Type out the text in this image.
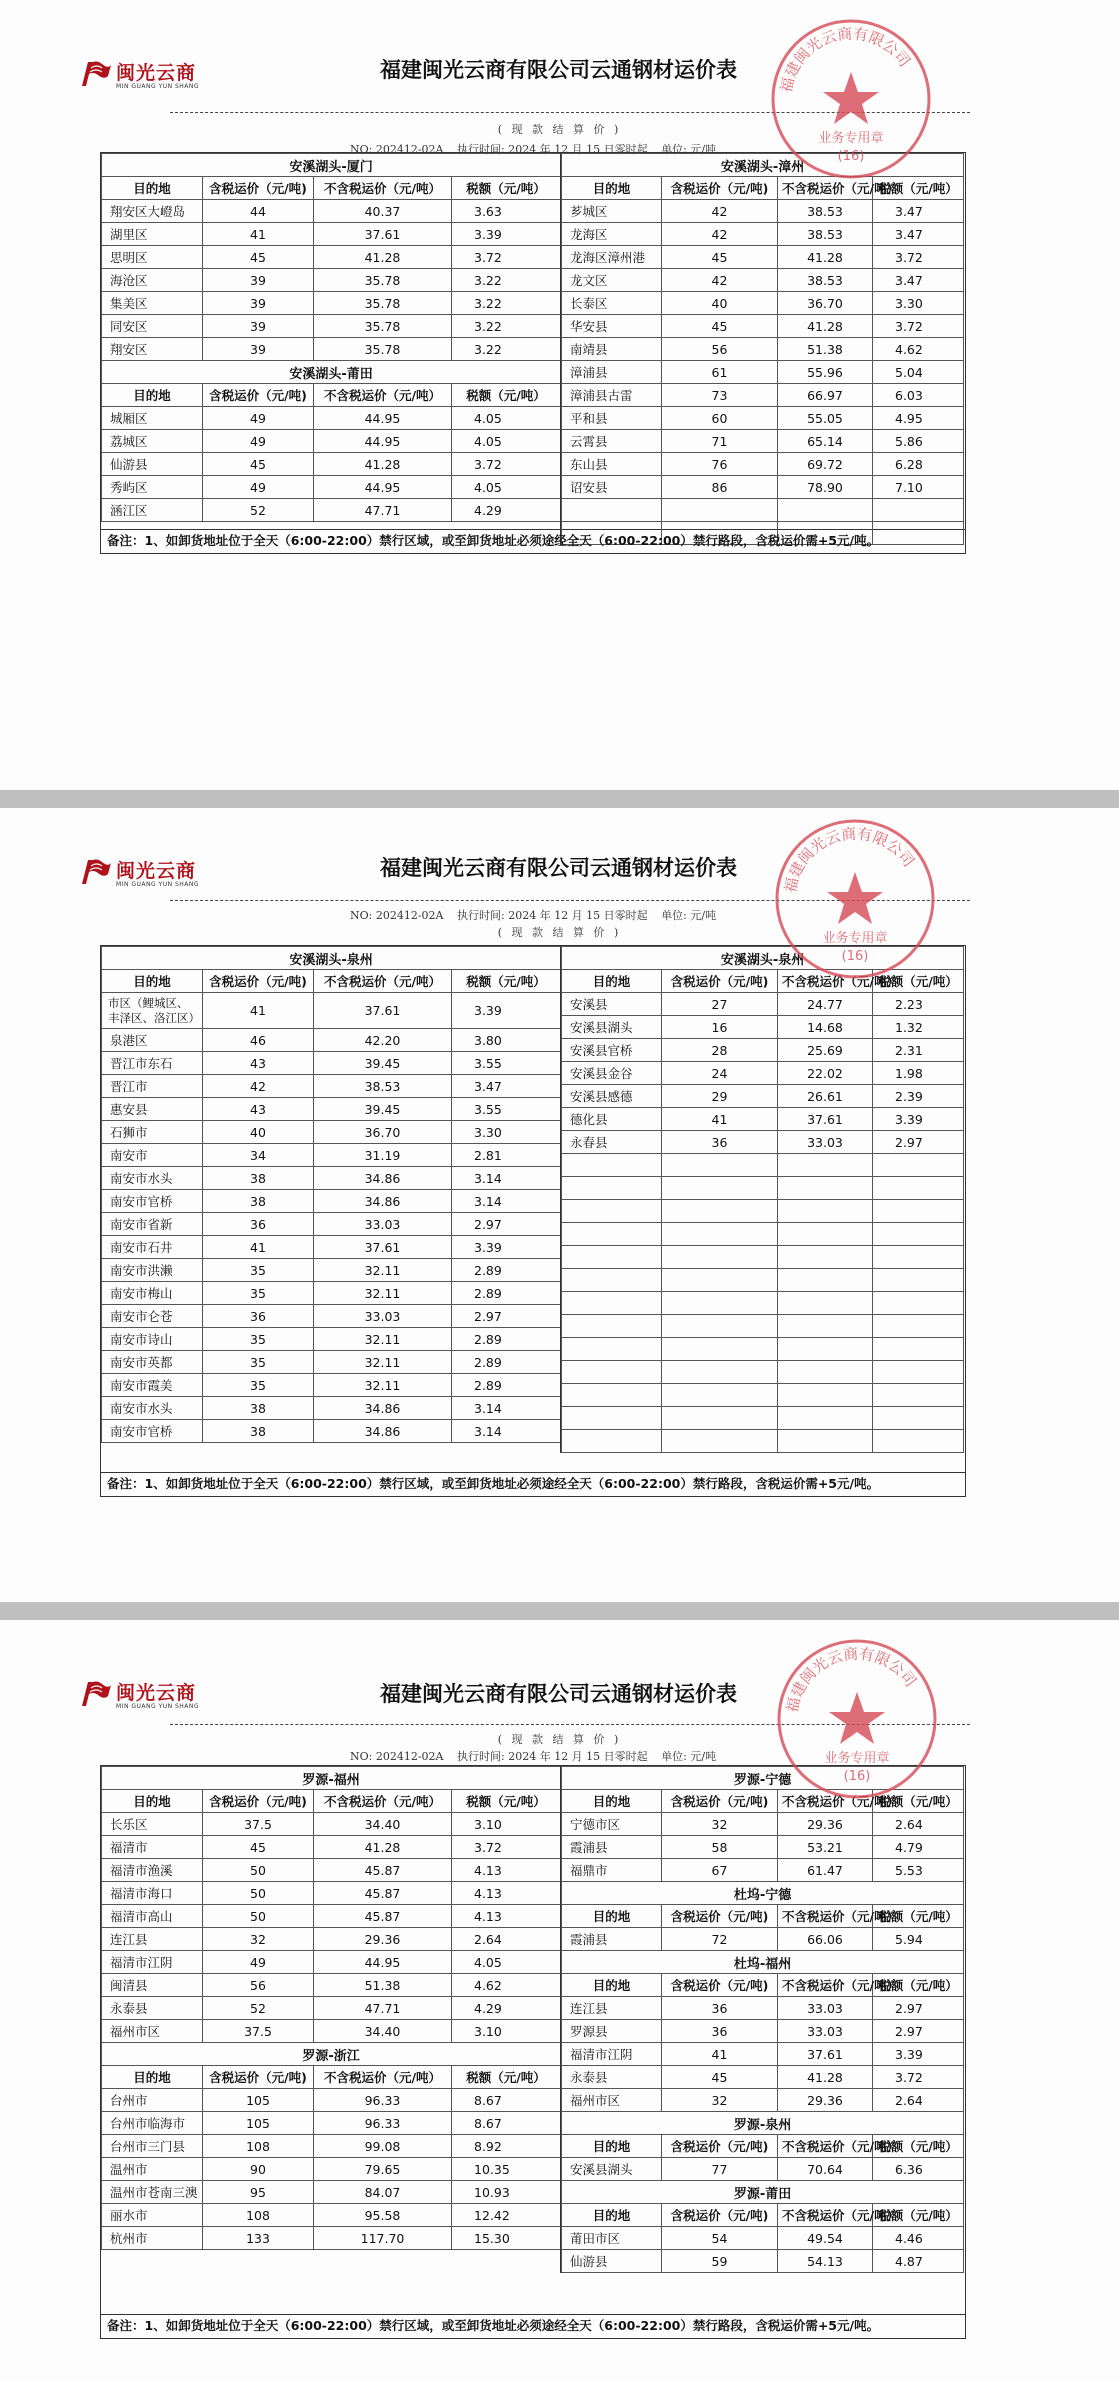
闽光云商
MIN GUANG YUN SHANG
福建闽光云商有限公司云通钢材运价表
( 现 款 结 算 价 )
NO: 202412-02A 执行时间: 2024 年 12 月 15 日零时起 单位: 元/吨
安溪湖头-厦门			
目的地	含税运价（元/吨)	不含税运价（元/吨）	税额（元/吨）
翔安区大嶝岛	44	40.37	3.63
湖里区	41	37.61	3.39
思明区	45	41.28	3.72
海沧区	39	35.78	3.22
集美区	39	35.78	3.22
同安区	39	35.78	3.22
翔安区	39	35.78	3.22
安溪湖头-莆田			
目的地	含税运价（元/吨)	不含税运价（元/吨）	税额（元/吨）
城厢区	49	44.95	4.05
荔城区	49	44.95	4.05
仙游县	45	41.28	3.72
秀屿区	49	44.95	4.05
涵江区	52	47.71	4.29
安溪湖头-漳州			
目的地	含税运价（元/吨)	不含税运价（元/吨）	税额（元/吨）
芗城区	42	38.53	3.47
龙海区	42	38.53	3.47
龙海区漳州港	45	41.28	3.72
龙文区	42	38.53	3.47
长泰区	40	36.70	3.30
华安县	45	41.28	3.72
南靖县	56	51.38	4.62
漳浦县	61	55.96	5.04
漳浦县古雷	73	66.97	6.03
平和县	60	55.05	4.95
云霄县	71	65.14	5.86
东山县	76	69.72	6.28
诏安县	86	78.90	7.10

备注：1、如卸货地址位于全天（6:00-22:00）禁行区域，或至卸货地址必须途经全天（6:00-22:00）禁行路段，含税运价需+5元/吨。
福建闽光云商有限公司
业务专用章
(16)
闽光云商
MIN GUANG YUN SHANG
福建闽光云商有限公司云通钢材运价表
NO: 202412-02A 执行时间: 2024 年 12 月 15 日零时起 单位: 元/吨
( 现 款 结 算 价 )
安溪湖头-泉州			
目的地	含税运价（元/吨)	不含税运价（元/吨）	税额（元/吨）
市区（鲤城区、丰泽区、洛江区）	41	37.61	3.39
泉港区	46	42.20	3.80
晋江市东石	43	39.45	3.55
晋江市	42	38.53	3.47
惠安县	43	39.45	3.55
石狮市	40	36.70	3.30
南安市	34	31.19	2.81
南安市水头	38	34.86	3.14
南安市官桥	38	34.86	3.14
南安市省新	36	33.03	2.97
南安市石井	41	37.61	3.39
南安市洪濑	35	32.11	2.89
南安市梅山	35	32.11	2.89
南安市仑苍	36	33.03	2.97
南安市诗山	35	32.11	2.89
南安市英都	35	32.11	2.89
南安市霞美	35	32.11	2.89
南安市水头	38	34.86	3.14
南安市官桥	38	34.86	3.14
安溪湖头-泉州			
目的地	含税运价（元/吨)	不含税运价（元/吨）	税额（元/吨）
安溪县	27	24.77	2.23
安溪县湖头	16	14.68	1.32
安溪县官桥	28	25.69	2.31
安溪县金谷	24	22.02	1.98
安溪县感德	29	26.61	2.39
德化县	41	37.61	3.39
永春县	36	33.03	2.97

备注：1、如卸货地址位于全天（6:00-22:00）禁行区域，或至卸货地址必须途经全天（6:00-22:00）禁行路段，含税运价需+5元/吨。
福建闽光云商有限公司
业务专用章
(16)
闽光云商
MIN GUANG YUN SHANG
福建闽光云商有限公司云通钢材运价表
( 现 款 结 算 价 )
NO: 202412-02A 执行时间: 2024 年 12 月 15 日零时起 单位: 元/吨
罗源-福州			
目的地	含税运价（元/吨)	不含税运价（元/吨）	税额（元/吨）
长乐区	37.5	34.40	3.10
福清市	45	41.28	3.72
福清市渔溪	50	45.87	4.13
福清市海口	50	45.87	4.13
福清市高山	50	45.87	4.13
连江县	32	29.36	2.64
福清市江阴	49	44.95	4.05
闽清县	56	51.38	4.62
永泰县	52	47.71	4.29
福州市区	37.5	34.40	3.10
罗源-浙江			
目的地	含税运价（元/吨)	不含税运价（元/吨）	税额（元/吨）
台州市	105	96.33	8.67
台州市临海市	105	96.33	8.67
台州市三门县	108	99.08	8.92
温州市	90	79.65	10.35
温州市苍南三澳	95	84.07	10.93
丽水市	108	95.58	12.42
杭州市	133	117.70	15.30
罗源-宁德			
目的地	含税运价（元/吨)	不含税运价（元/吨）	税额（元/吨）
宁德市区	32	29.36	2.64
霞浦县	58	53.21	4.79
福鼎市	67	61.47	5.53
杜坞-宁德			
目的地	含税运价（元/吨)	不含税运价（元/吨）	税额（元/吨）
霞浦县	72	66.06	5.94
杜坞-福州			
目的地	含税运价（元/吨)	不含税运价（元/吨）	税额（元/吨）
连江县	36	33.03	2.97
罗源县	36	33.03	2.97
福清市江阴	41	37.61	3.39
永泰县	45	41.28	3.72
福州市区	32	29.36	2.64
罗源-泉州			
目的地	含税运价（元/吨)	不含税运价（元/吨）	税额（元/吨）
安溪县湖头	77	70.64	6.36
罗源-莆田			
目的地	含税运价（元/吨)	不含税运价（元/吨）	税额（元/吨）
莆田市区	54	49.54	4.46
仙游县	59	54.13	4.87
备注：1、如卸货地址位于全天（6:00-22:00）禁行区域，或至卸货地址必须途经全天（6:00-22:00）禁行路段，含税运价需+5元/吨。
福建闽光云商有限公司
业务专用章
(16)
